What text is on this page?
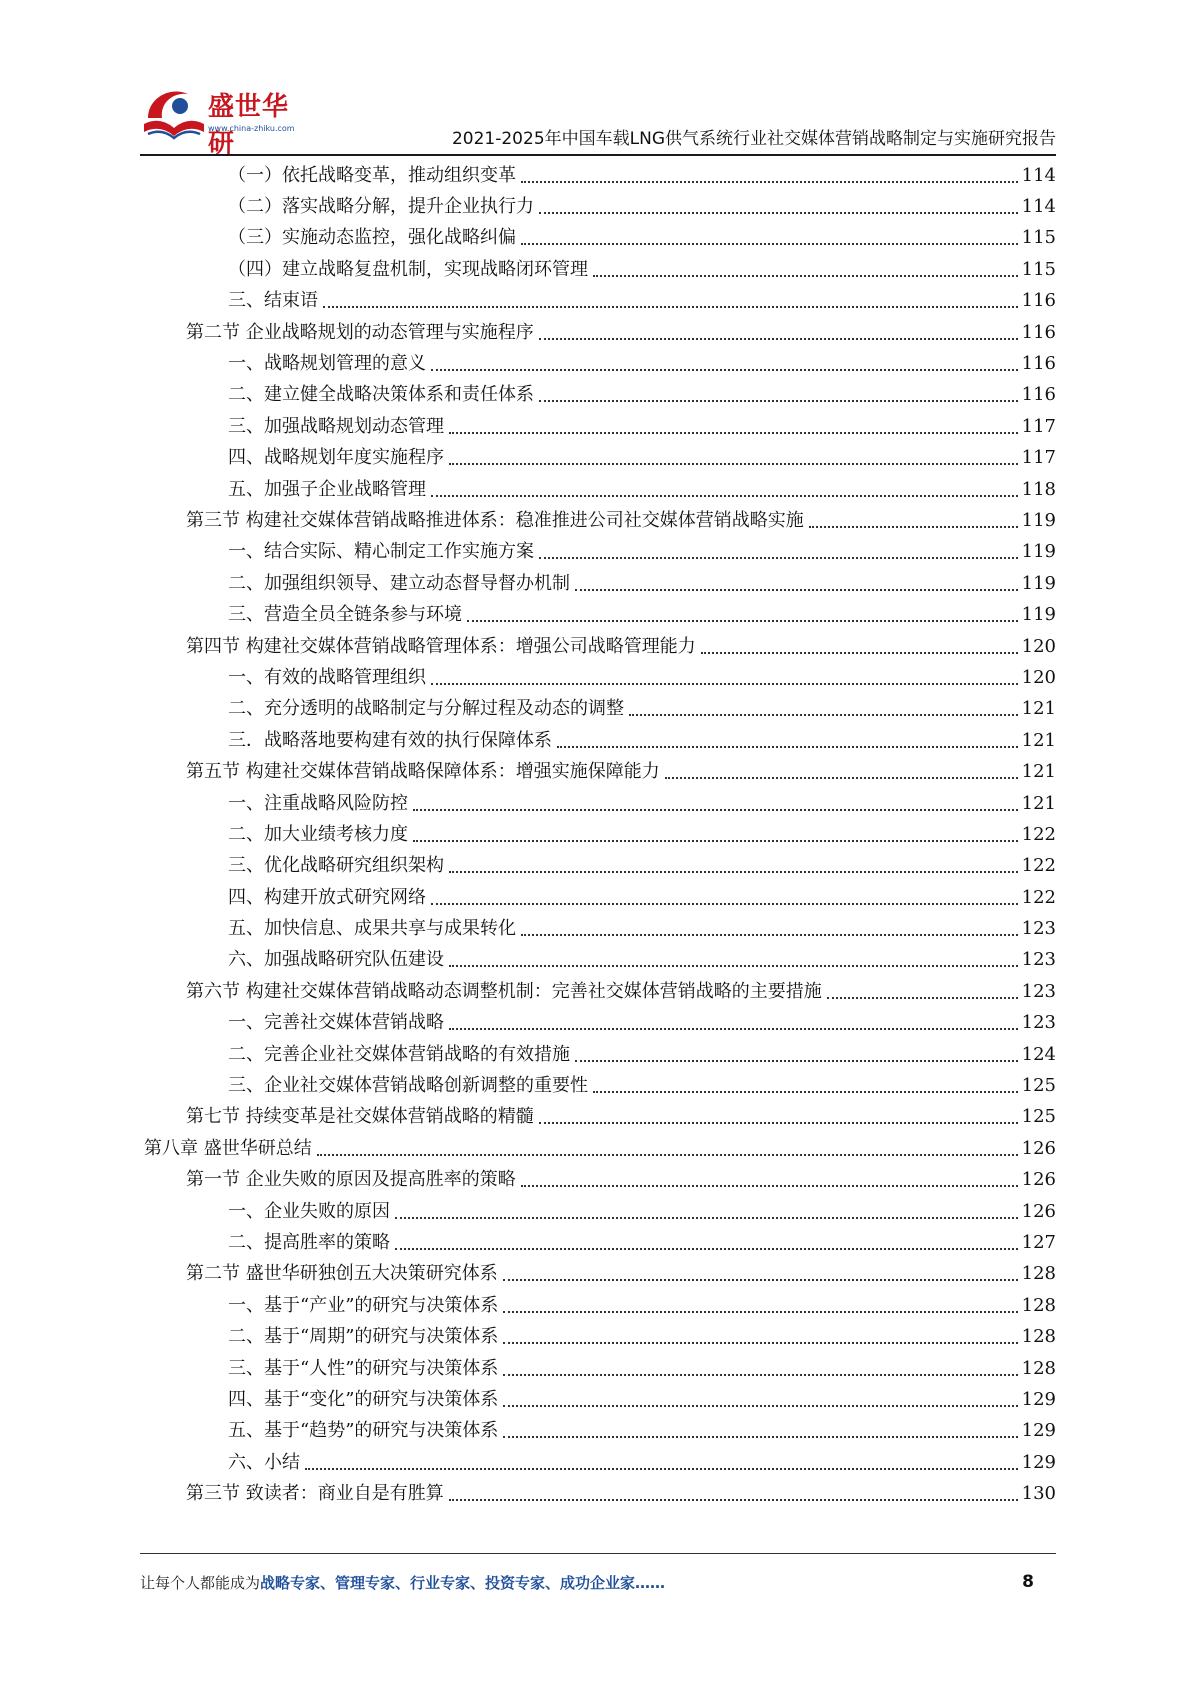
盛世华研
www.china-zhiku.com
2021-2025年中国车载LNG供气系统行业社交媒体营销战略制定与实施研究报告
（一）依托战略变革，推动组织变革	114
（二）落实战略分解，提升企业执行力	114
（三）实施动态监控，强化战略纠偏	115
（四）建立战略复盘机制，实现战略闭环管理	115
三、结束语	116
第二节 企业战略规划的动态管理与实施程序	116
一、战略规划管理的意义	116
二、建立健全战略决策体系和责任体系	116
三、加强战略规划动态管理	117
四、战略规划年度实施程序	117
五、加强子企业战略管理	118
第三节 构建社交媒体营销战略推进体系：稳准推进公司社交媒体营销战略实施	119
一、结合实际、精心制定工作实施方案	119
二、加强组织领导、建立动态督导督办机制	119
三、营造全员全链条参与环境	119
第四节 构建社交媒体营销战略管理体系：增强公司战略管理能力	120
一、有效的战略管理组织	120
二、充分透明的战略制定与分解过程及动态的调整	121
三．战略落地要构建有效的执行保障体系	121
第五节 构建社交媒体营销战略保障体系：增强实施保障能力	121
一、注重战略风险防控	121
二、加大业绩考核力度	122
三、优化战略研究组织架构	122
四、构建开放式研究网络	122
五、加快信息、成果共享与成果转化	123
六、加强战略研究队伍建设	123
第六节 构建社交媒体营销战略动态调整机制：完善社交媒体营销战略的主要措施	123
一、完善社交媒体营销战略	123
二、完善企业社交媒体营销战略的有效措施	124
三、企业社交媒体营销战略创新调整的重要性	125
第七节 持续变革是社交媒体营销战略的精髓	125
第八章 盛世华研总结	126
第一节 企业失败的原因及提高胜率的策略	126
一、企业失败的原因	126
二、提高胜率的策略	127
第二节 盛世华研独创五大决策研究体系	128
一、基于“产业”的研究与决策体系	128
二、基于“周期”的研究与决策体系	128
三、基于“人性”的研究与决策体系	128
四、基于“变化”的研究与决策体系	129
五、基于“趋势”的研究与决策体系	129
六、小结	129
第三节 致读者：商业自是有胜算	130
让每个人都能成为战略专家、管理专家、行业专家、投资专家、成功企业家……	8
